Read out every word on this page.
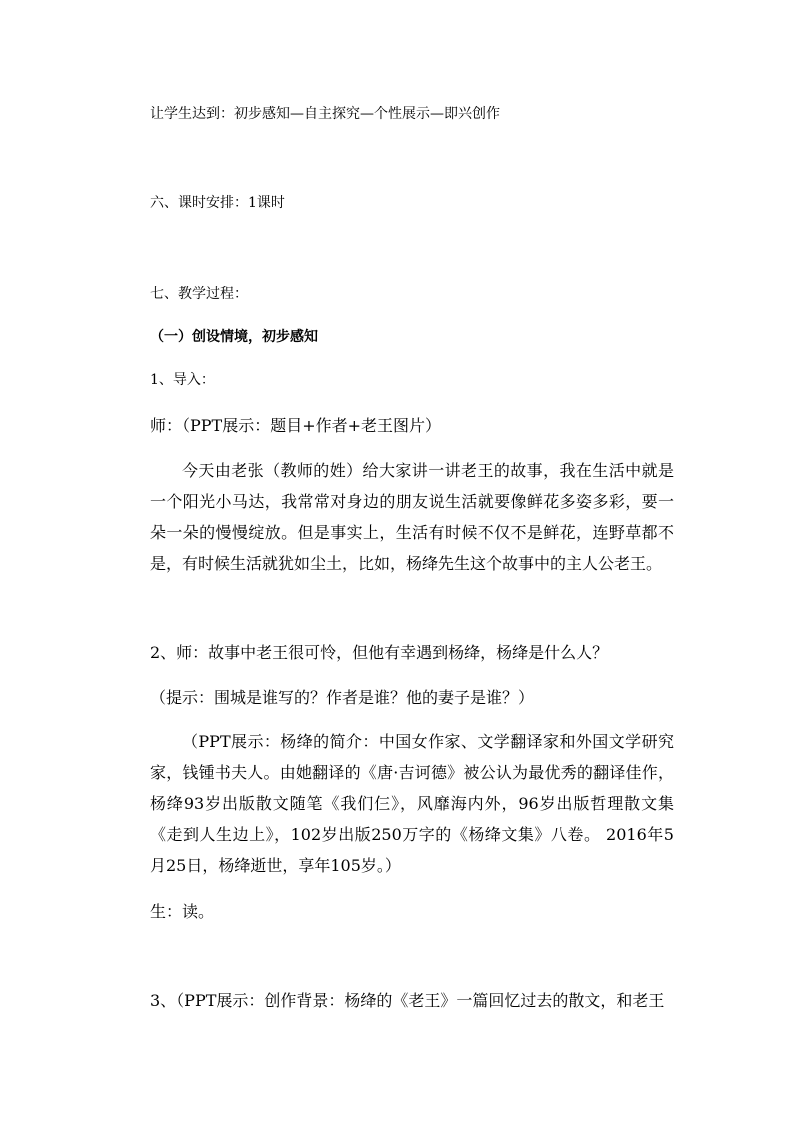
让学生达到：初步感知—自主探究—个性展示—即兴创作

六、课时安排：1课时

七、教学过程：

（一）创设情境，初步感知

1、导入：

师：（PPT展示：题目+作者+老王图片）

今天由老张（教师的姓）给大家讲一讲老王的故事，我在生活中就是一个阳光小马达，我常常对身边的朋友说生活就要像鲜花多姿多彩，要一朵一朵的慢慢绽放。但是事实上，生活有时候不仅不是鲜花，连野草都不是，有时候生活就犹如尘土，比如，杨绛先生这个故事中的主人公老王。

2、师：故事中老王很可怜，但他有幸遇到杨绛，杨绛是什么人？

（提示：围城是谁写的？作者是谁？他的妻子是谁？）

（PPT展示：杨绛的简介：中国女作家、文学翻译家和外国文学研究家，钱锺书夫人。由她翻译的《唐·吉诃德》被公认为最优秀的翻译佳作，杨绛93岁出版散文随笔《我们仨》，风靡海内外，96岁出版哲理散文集《走到人生边上》，102岁出版250万字的《杨绛文集》八卷。 2016年5月25日，杨绛逝世，享年105岁。）

生：读。

3、（PPT展示：创作背景：杨绛的《老王》一篇回忆过去的散文，和老王
